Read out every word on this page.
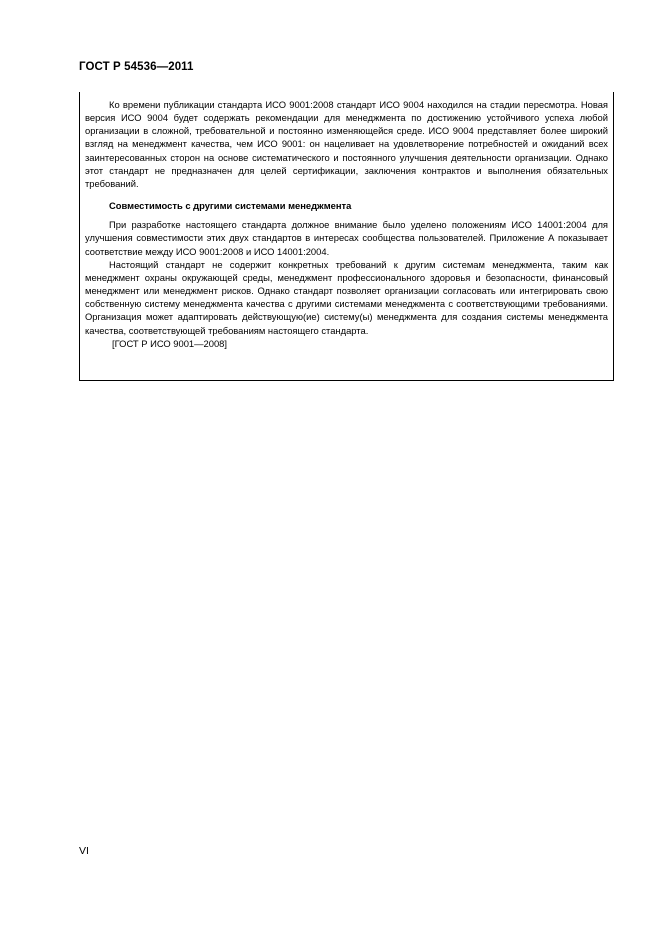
ГОСТ Р 54536—2011

Ко времени публикации стандарта ИСО 9001:2008 стандарт ИСО 9004 находился на стадии пересмотра. Новая версия ИСО 9004 будет содержать рекомендации для менеджмента по достижению устойчивого успеха любой организации в сложной, требовательной и постоянно изменяющейся среде. ИСО 9004 представляет более широкий взгляд на менеджмент качества, чем ИСО 9001: он нацеливает на удовлетворение потребностей и ожиданий всех заинтересованных сторон на основе систематического и постоянного улучшения деятельности организации. Однако этот стандарт не предназначен для целей сертификации, заключения контрактов и выполнения обязательных требований.

Совместимость с другими системами менеджмента

При разработке настоящего стандарта должное внимание было уделено положениям ИСО 14001:2004 для улучшения совместимости этих двух стандартов в интересах сообщества пользователей. Приложение А показывает соответствие между ИСО 9001:2008 и ИСО 14001:2004.

Настоящий стандарт не содержит конкретных требований к другим системам менеджмента, таким как менеджмент охраны окружающей среды, менеджмент профессионального здоровья и безопасности, финансовый менеджмент или менеджмент рисков. Однако стандарт позволяет организации согласовать или интегрировать свою собственную систему менеджмента качества с другими системами менеджмента с соответствующими требованиями. Организация может адаптировать действующую(ие) систему(ы) менеджмента для создания системы менеджмента качества, соответствующей требованиям настоящего стандарта.

[ГОСТ Р ИСО 9001—2008]

VI
